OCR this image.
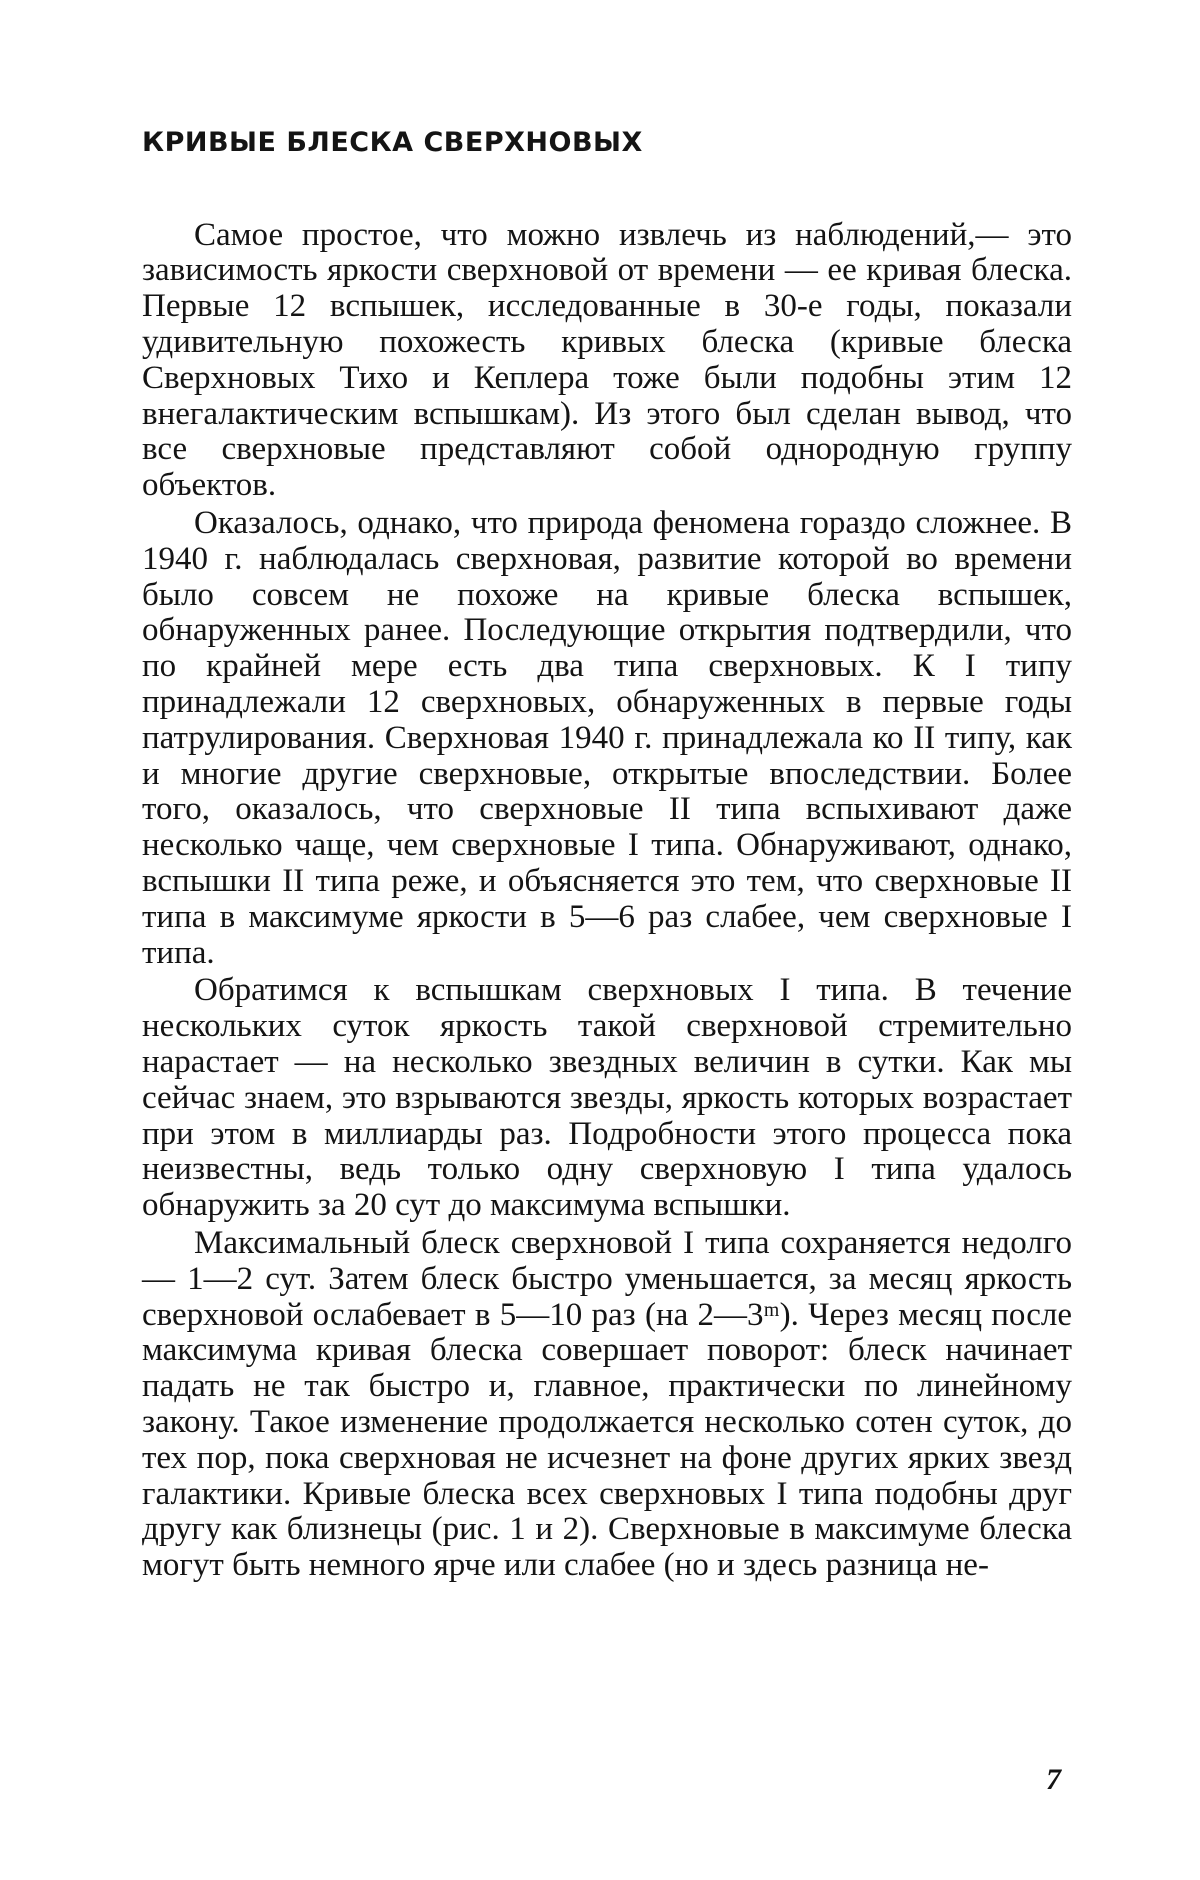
КРИВЫЕ БЛЕСКА СВЕРХНОВЫХ

Самое простое, что можно извлечь из наблюдений,— это зависимость яркости сверхновой от времени — ее кривая блеска. Первые 12 вспышек, исследованные в 30-е годы, показали удивительную похожесть кривых блеска (кривые блеска Сверхновых Тихо и Кеплера тоже были подобны этим 12 внегалактическим вспышкам). Из этого был сделан вывод, что все сверхновые представляют собой однородную группу объектов.

Оказалось, однако, что природа феномена гораздо сложнее. В 1940 г. наблюдалась сверхновая, развитие которой во времени было совсем не похоже на кривые блеска вспышек, обнаруженных ранее. Последующие открытия подтвердили, что по крайней мере есть два типа сверхновых. К I типу принадлежали 12 сверхновых, обнаруженных в первые годы патрулирования. Сверхновая 1940 г. принадлежала ко II типу, как и многие другие сверхновые, открытые впоследствии. Более того, оказалось, что сверхновые II типа вспыхивают даже несколько чаще, чем сверхновые I типа. Обнаруживают, однако, вспышки II типа реже, и объясняется это тем, что сверхновые II типа в максимуме яркости в 5—6 раз слабее, чем сверхновые I типа.

Обратимся к вспышкам сверхновых I типа. В течение нескольких суток яркость такой сверхновой стремительно нарастает — на несколько звездных величин в сутки. Как мы сейчас знаем, это взрываются звезды, яркость которых возрастает при этом в миллиарды раз. Подробности этого процесса пока неизвестны, ведь только одну сверхновую I типа удалось обнаружить за 20 сут до максимума вспышки.

Максимальный блеск сверхновой I типа сохраняется недолго — 1—2 сут. Затем блеск быстро уменьшается, за месяц яркость сверхновой ослабевает в 5—10 раз (на 2—3ᵐ). Через месяц после максимума кривая блеска совершает поворот: блеск начинает падать не так быстро и, главное, практически по линейному закону. Такое изменение продолжается несколько сотен суток, до тех пор, пока сверхновая не исчезнет на фоне других ярких звезд галактики. Кривые блеска всех сверхновых I типа подобны друг другу как близнецы (рис. 1 и 2). Сверхновые в максимуме блеска могут быть немного ярче или слабее (но и здесь разница не-

7
